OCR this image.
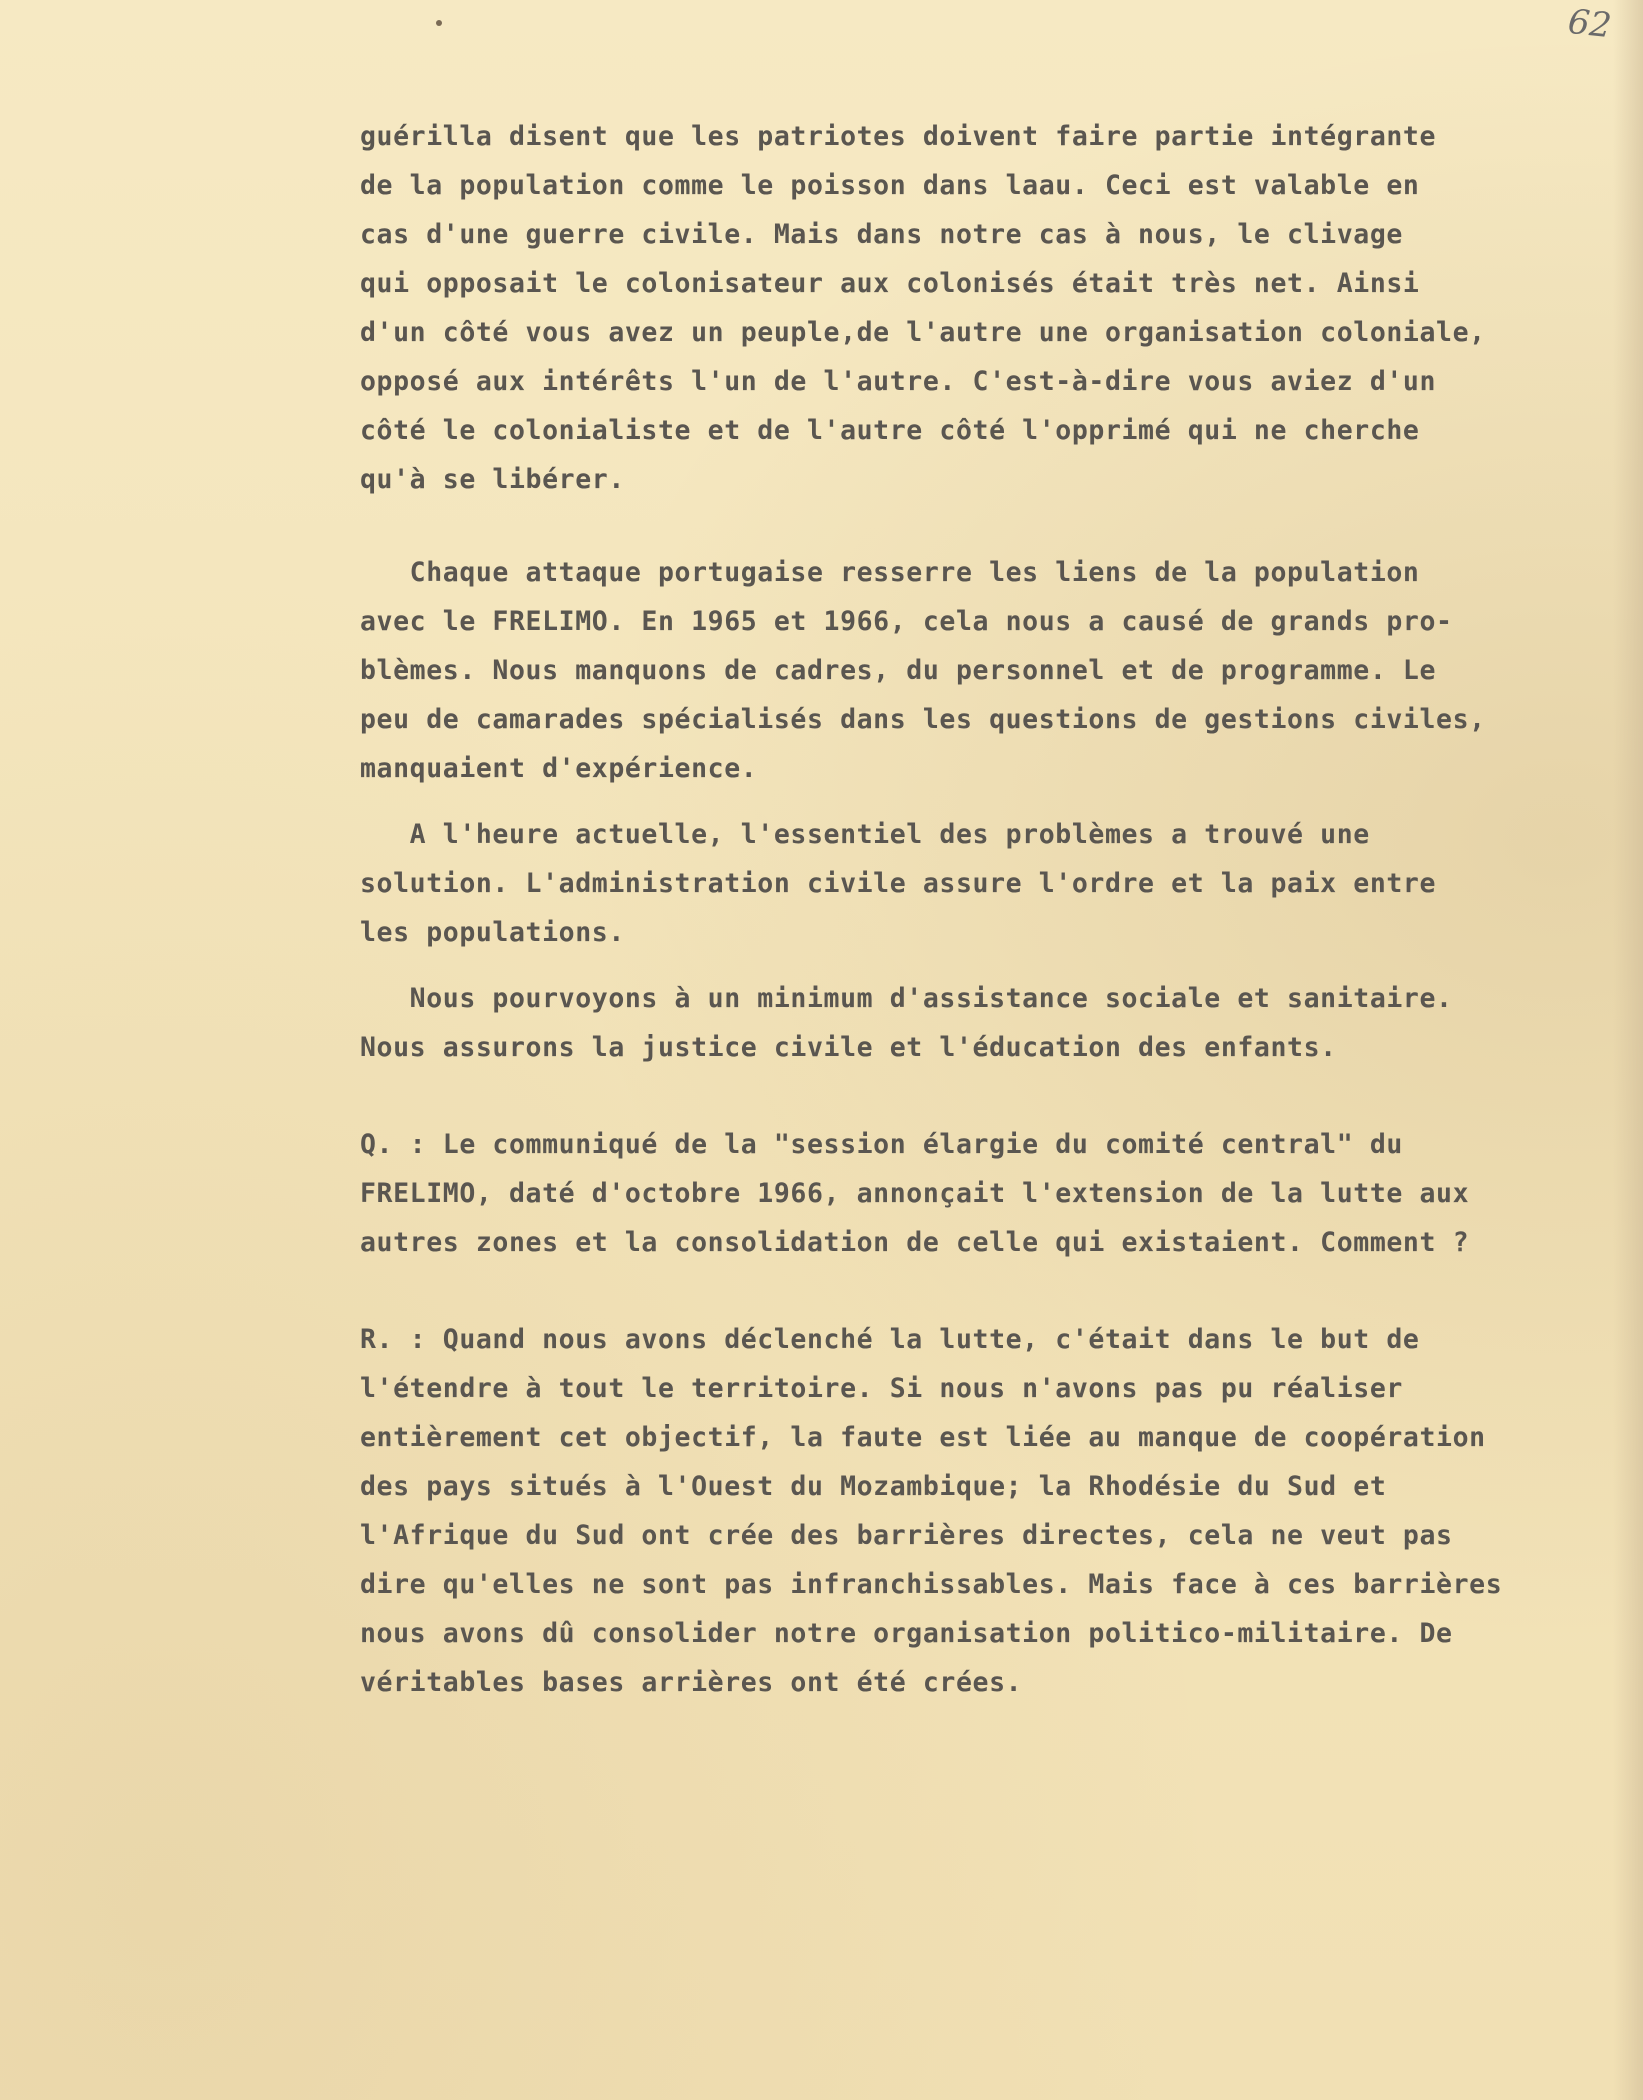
62
guérilla disent que les patriotes doivent faire partie intégrante
de la population comme le poisson dans laau. Ceci est valable en
cas d'une guerre civile. Mais dans notre cas à nous, le clivage
qui opposait le colonisateur aux colonisés était très net. Ainsi
d'un côté vous avez un peuple,de l'autre une organisation coloniale,
opposé aux intérêts l'un de l'autre. C'est-à-dire vous aviez d'un
côté le colonialiste et de l'autre côté l'opprimé qui ne cherche
qu'à se libérer.
Chaque attaque portugaise resserre les liens de la population
avec le FRELIMO. En 1965 et 1966, cela nous a causé de grands pro-
blèmes. Nous manquons de cadres, du personnel et de programme. Le
peu de camarades spécialisés dans les questions de gestions civiles,
manquaient d'expérience.
A l'heure actuelle, l'essentiel des problèmes a trouvé une
solution. L'administration civile assure l'ordre et la paix entre
les populations.
Nous pourvoyons à un minimum d'assistance sociale et sanitaire.
Nous assurons la justice civile et l'éducation des enfants.
Q. : Le communiqué de la "session élargie du comité central" du
FRELIMO, daté d'octobre 1966, annonçait l'extension de la lutte aux
autres zones et la consolidation de celle qui existaient. Comment ?
R. : Quand nous avons déclenché la lutte, c'était dans le but de
l'étendre à tout le territoire. Si nous n'avons pas pu réaliser
entièrement cet objectif, la faute est liée au manque de coopération
des pays situés à l'Ouest du Mozambique; la Rhodésie du Sud et
l'Afrique du Sud ont crée des barrières directes, cela ne veut pas
dire qu'elles ne sont pas infranchissables. Mais face à ces barrières
nous avons dû consolider notre organisation politico-militaire. De
véritables bases arrières ont été crées.
